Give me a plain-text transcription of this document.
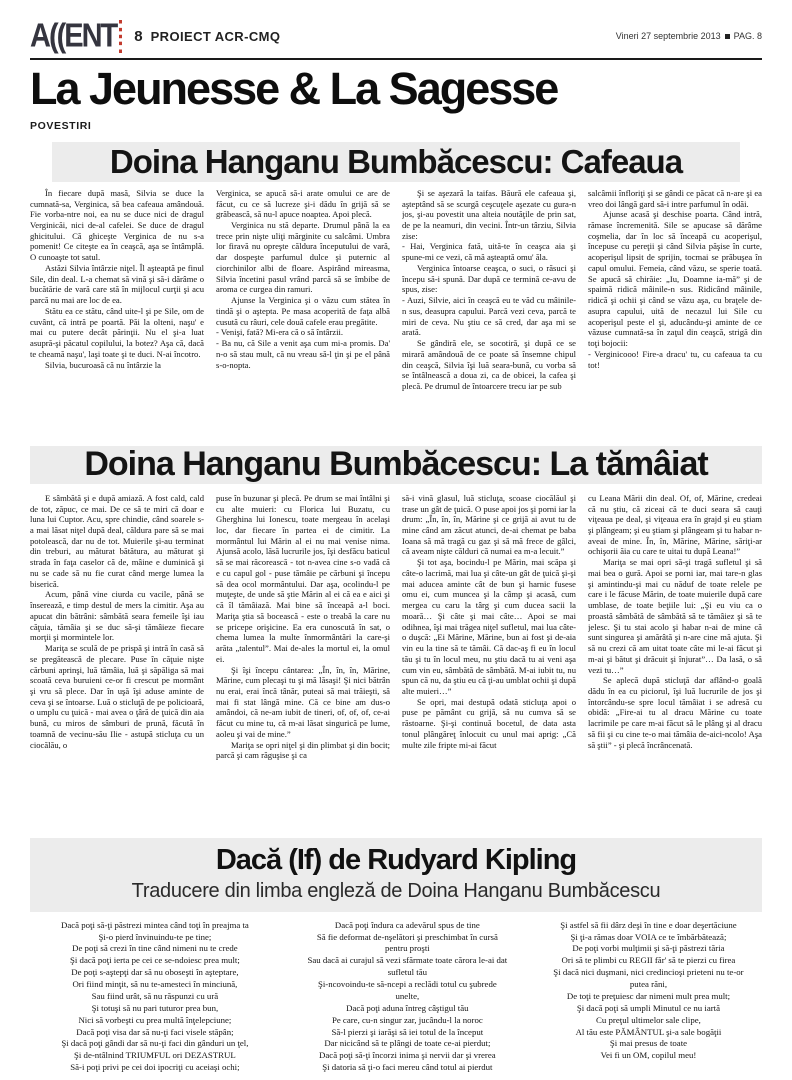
A((ENT	8 PROIECT ACR-CMQ	Vineri 27 septembrie 2013 PAG. 8
La Jeunesse & La Sagesse
POVESTIRI
Doina Hanganu Bumbăcescu: Cafeaua

În fiecare după masă, Silvia se duce la cumnată-sa, Verginica, să bea cafeaua amândouă. Fie vorba-ntre noi, ea nu se duce nici de dragul Verginicăi, nici de-al cafelei. Se duce de dragul ghicitului. Că ghiceşte Verginica de nu s-a pomenit! Ce citeşte ea în ceaşcă, aşa se întâmplă. O cunoaşte tot satul.

Astăzi Silvia întârzie niţel. Îl aşteaptă pe finul Sile, din deal. L-a chemat să vină şi să-i dărâme o bucătărie de vară care stă în mijlocul curţii şi acu parcă nu mai are loc de ea.

Stătu ea ce stătu, când uite-l şi pe Sile, om de cuvânt, că intră pe poartă. Păi la olteni, naşu' e mai cu putere decât părinţii. Nu el şi-a luat asupră-şi păcatul copilului, la botez? Aşa că, dacă te cheamă naşu', laşi toate şi te duci. N-ai încotro.

Silvia, bucuroasă că nu întârzie la

Verginica, se apucă să-i arate omului ce are de făcut, cu ce să lucreze şi-i dădu în grijă să se grăbească, să nu-l apuce noaptea. Apoi plecă.

Verginica nu stă departe. Drumul până la ea trece prin nişte uliţi mărginite cu salcâmi. Umbra lor firavă nu opreşte căldura începutului de vară, dar dospeşte parfumul dulce şi puternic al ciorchinilor albi de floare. Aspirând mireasma, Silvia încetini pasul vrând parcă să se îmbibe de aroma ce curgea din ramuri.

Ajunse la Verginica şi o văzu cum stătea în tindă şi o aştepta. Pe masa acoperită de faţa albă cusută cu râuri, cele două cafele erau pregătite.

- Venişi, fată? Mi-era că o să întârzii.

- Ba nu, că Sile a venit aşa cum mi-a promis. Da' n-o să stau mult, că nu vreau să-l ţin şi pe el până s-o-nopta.

Şi se aşezară la taifas. Băură ele cafeaua şi, aşteptând să se scurgă ceşcuţele aşezate cu gura-n jos, şi-au povestit una alteia noutăţile de prin sat, de pe la neamuri, din vecini. Într-un târziu, Silvia zise:

- Hai, Verginica fată, uită-te în ceaşca aia şi spune-mi ce vezi, că mă aşteaptă omu' ăla.

Verginica întoarse ceaşca, o suci, o răsuci şi începu să-i spună. Dar după ce termină ce-avu de spus, zise:

- Auzi, Silvie, aici în ceaşcă eu te văd cu mâinile-n sus, deasupra capului. Parcă vezi ceva, parcă te miri de ceva. Nu ştiu ce să cred, dar aşa mi se arată.

Se gândiră ele, se socotiră, şi după ce se mirară amândouă de ce poate să însemne chipul din ceaşcă, Silvia îşi luă seara-bună, cu vorba să se întâlnească a doua zi, ca de obicei, la cafea şi plecă. Pe drumul de întoarcere trecu iar pe sub

salcâmii înfloriţi şi se gândi ce păcat că n-are şi ea vreo doi lângă gard să-i intre parfumul în odăi.

Ajunse acasă şi deschise poarta. Când intră, rămase încremenită. Sile se apucase să dărâme coşmelia, dar în loc să înceapă cu acoperişul, începuse cu pereţii şi când Silvia păşise în curte, acoperişul lipsit de sprijin, tocmai se prăbuşea în capul omului. Femeia, când văzu, se sperie toată. Se apucă să chirăie: „Iu, Doamne ia-mă” şi de spaimă ridică mâinile-n sus. Ridicând mâinile, ridică şi ochii şi când se văzu aşa, cu braţele de-asupra capului, uită de necazul lui Sile cu acoperişul peste el şi, aducându-şi aminte de ce văzuse cumnată-sa în zaţul din ceaşcă, strigă din toţi bojocii:

- Verginicooo! Fire-a dracu' tu, cu cafeaua ta cu tot!

Doina Hanganu Bumbăcescu: La tămâiat

E sâmbătă şi e după amiază. A fost cald, cald de tot, zăpuc, ce mai. De ce să te miri că doar e luna lui Cuptor. Acu, spre chindie, când soarele s-a mai lăsat niţel după deal, căldura pare să se mai potolească, dar nu de tot. Muierile şi-au terminat din treburi, au măturat bătătura, au măturat şi strada în faţa caselor că de, mâine e duminică şi nu se cade să nu fie curat când merge lumea la biserică.

Acum, până vine ciurda cu vacile, până se înserează, e timp destul de mers la cimitir. Aşa au apucat din bătrâni: sâmbătă seara femeile îşi iau căţuia, tămâia şi se duc să-şi tămâieze fiecare morţii şi mormintele lor.

Mariţa se sculă de pe prispă şi intră în casă să se pregătească de plecare. Puse în căţuie nişte cărbuni aprinşi, luă tămâia, luă şi săpăliga să mai scoată ceva buruieni ce-or fi crescut pe mormânt şi vru să plece. Dar în uşă îşi aduse aminte de ceva şi se întoarse. Luă o sticluţă de pe policioară, o umplu cu ţuică - mai avea o ţâră de ţuică din aia bună, cu miros de sâmburi de prună, făcută în toamnă de vecinu-său Ilie - astupă sticluţa cu un ciocălău, o

puse în buzunar şi plecă. Pe drum se mai întâlni şi cu alte muieri: cu Florica lui Buzatu, cu Gherghina lui Ionescu, toate mergeau în acelaşi loc, dar fiecare în partea ei de cimitir. La mormântul lui Mărin al ei nu mai venise nima. Ajunsă acolo, lăsă lucrurile jos, îşi desfăcu baticul să se mai răcorească - tot n-avea cine s-o vadă că e cu capul gol - puse tămâie pe cărbuni şi începu să dea ocol mormântului. Dar aşa, ocolindu-l pe muţeşte, de unde să ştie Mărin al ei că ea e aici şi că îl tămâiază. Mai bine să înceapă a-l boci. Mariţa ştia să bocească - este o treabă la care nu se pricepe orişicine. Ea era cunoscută în sat, o chema lumea la multe înmormântări la care-şi arăta „talentul”. Mai de-ales la mortul ei, la omul ei.

Şi îşi începu cântarea: „În, în, în, Mărine, Mărine, cum plecaşi tu şi mă lăsaşi! Şi nici bătrân nu erai, erai încă tânăr, puteai să mai trăieşti, să mai fi stat lângă mine. Că ce bine am dus-o amândoi, că ne-am iubit de tineri, of, of, of, ce-ai făcut cu mine tu, că m-ai lăsat singurică pe lume, aoleu şi vai de mine.”

Mariţa se opri niţel şi din plimbat şi din bocit; parcă şi cam răguşise şi ca

să-i vină glasul, luă sticluţa, scoase ciocălăul şi trase un gât de ţuică. O puse apoi jos şi porni iar la drum: „În, în, în, Mărine şi ce grijă ai avut tu de mine când am zăcut atunci, de-ai chemat pe baba Ioana să mă tragă cu gaz şi să mă frece de gâlci, că aveam nişte călduri că numai ea m-a lecuit.”

Şi tot aşa, bocindu-l pe Mărin, mai scăpa şi câte-o lacrimă, mai lua şi câte-un gât de ţuică şi-şi mai aducea aminte cât de bun şi harnic fusese omu ei, cum muncea şi la câmp şi acasă, cum mergea cu caru la târg şi cum ducea sacii la moară… Şi câte şi mai câte… Apoi se mai odihnea, îşi mai trăgea niţel sufletul, mai lua câte-o duşcă: „Ei Mărine, Mărine, bun ai fost şi de-aia vin eu la tine să te tămâi. Că dac-aş fi eu în locul tău şi tu în locul meu, nu ştiu dacă tu ai veni aşa cum vin eu, sâmbătă de sâmbătă. M-ai iubit tu, nu spun că nu, da ştiu eu că ţi-au umblat ochii şi după alte muieri…”

Se opri, mai destupă odată sticluţa apoi o puse pe pământ cu grijă, să nu cumva să se răstoarne. Şi-şi continuă bocetul, de data asta tonul plângăreţ înlocuit cu unul mai aprig: „Că multe zile fripte mi-ai făcut

cu Leana Mării din deal. Of, of, Mărine, credeai că nu ştiu, că ziceai că te duci seara să cauţi viţeaua pe deal, şi viţeaua era în grajd şi eu ştiam şi plângeam; şi eu ştiam şi plângeam şi tu habar n-aveai de mine. În, în, Mărine, Mărine, săriţi-ar ochişorii ăia cu care te uitai tu după Leana!”

Mariţa se mai opri să-şi tragă sufletul şi să mai bea o gură. Apoi se porni iar, mai tare-n glas şi amintindu-şi mai cu năduf de toate relele pe care i le făcuse Mărin, de toate muierile după care umblase, de toate beţiile lui: „Şi eu viu ca o proastă sâmbătă de sâmbătă să te tămâiez şi să te jelesc. Şi tu stai acolo şi habar n-ai de mine că sunt singurea şi amărâtă şi n-are cine mă ajuta. Şi să nu crezi că am uitat toate câte mi le-ai făcut şi m-ai şi bătut şi drăcuit şi înjurat”… Da lasă, o să vezi tu…”

Se aplecă după sticluţă dar aflând-o goală dădu în ea cu piciorul, îşi luă lucrurile de jos şi întorcându-se spre locul tămâiat i se adresă cu obidă: „Fire-ai tu al dracu Mărine cu toate lacrimile pe care m-ai făcut să le plâng şi al dracu să fii şi cu cine te-o mai tămâia de-aici-ncolo! Aşa să ştii” - şi plecă încrâncenată.

Dacă (If) de Rudyard Kipling
Traducere din limba engleză de Doina Hanganu Bumbăcescu
Dacă poţi să-ţi păstrezi mintea când toţi în preajma ta
Şi-o pierd învinuindu-te pe tine;
De poţi să crezi în tine când nimeni nu te crede
Şi dacă poţi ierta pe cei ce se-ndoiesc prea mult;
De poţi s-aştepţi dar să nu oboseşti în aşteptare,
Ori fiind minţit, să nu te-amesteci în minciună,
Sau fiind urât, să nu răspunzi cu ură
Şi totuşi să nu pari tuturor prea bun,
Nici să vorbeşti cu prea multă înţelepciune;
Dacă poţi visa dar să nu-ţi faci visele stăpân;
Şi dacă poţi gândi dar să nu-ţi faci din gânduri un ţel,
Şi de-ntâlnind TRIUMFUL ori DEZASTRUL
Să-i poţi privi pe cei doi ipocriţi cu aceiaşi ochi;
Dacă poţi îndura ca adevărul spus de tine
Să fie deformat de-nşelători şi preschimbat în cursă
pentru proşti
Sau dacă ai curajul să vezi sfărmate toate cărora le-ai dat
sufletul tău
Şi-ncovoindu-te să-ncepi a reclădi totul cu şubrede
unelte,
Dacă poţi aduna întreg câştigul tău
Pe care, cu-n singur zar, jucându-l la noroc
Să-l pierzi şi iarăşi să iei totul de la început
Dar nicicând să te plângi de toate ce-ai pierdut;
Dacă poţi să-ţi încorzi inima şi nervii dar şi vrerea
Şi datoria să ţi-o faci mereu când totul ai pierdut
Şi astfel să fii dârz deşi în tine e doar deşertăciune
Şi ţi-a rămas doar VOIA ce te îmbărbătează;
De poţi vorbi mulţimii şi să-ţi păstrezi tăria
Ori să te plimbi cu REGII făr' să te pierzi cu firea
Şi dacă nici duşmani, nici credincioşi prieteni nu te-or
putea răni,
De toţi te preţuiesc dar nimeni mult prea mult;
Şi dacă poţi să umpli Minutul ce nu iartă
Cu preţul ultimelor sale clipe,
Al tău este PĂMÂNTUL şi-a sale bogăţii
Şi mai presus de toate
Vei fi un OM, copilul meu!
